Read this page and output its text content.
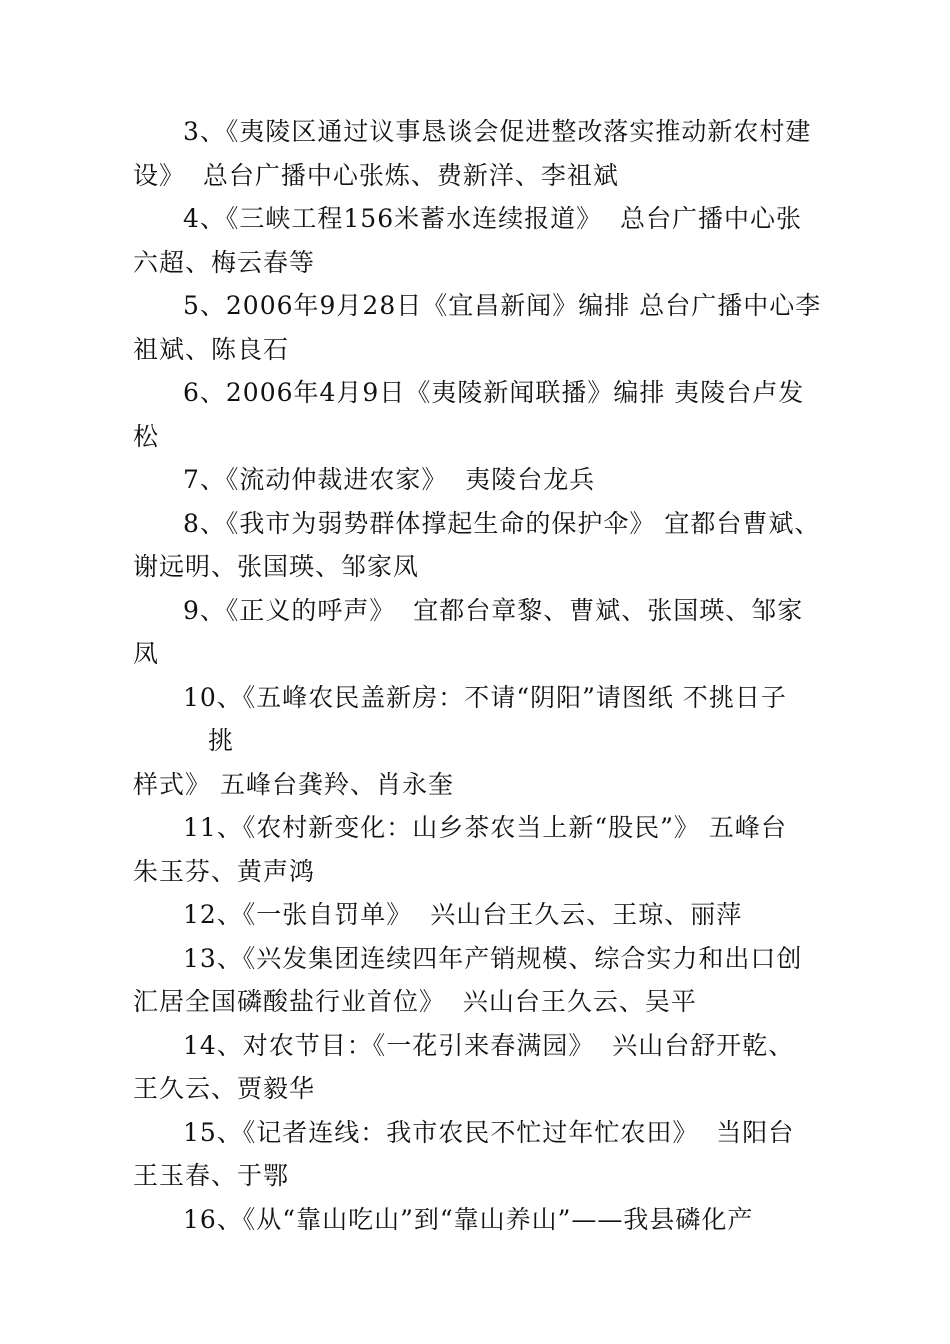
3、《夷陵区通过议事恳谈会促进整改落实推动新农村建
设》  总台广播中心张炼、费新洋、李祖斌
4、《三峡工程156米蓄水连续报道》  总台广播中心张
六超、梅云春等
5、2006年9月28日《宜昌新闻》编排 总台广播中心李
祖斌、陈良石
6、2006年4月9日《夷陵新闻联播》编排 夷陵台卢发
松
7、《流动仲裁进农家》  夷陵台龙兵
8、《我市为弱势群体撑起生命的保护伞》 宜都台曹斌、
谢远明、张国瑛、邹家凤
9、《正义的呼声》  宜都台章黎、曹斌、张国瑛、邹家
凤
10、《五峰农民盖新房：不请“阴阳”请图纸 不挑日子
挑
样式》 五峰台龚羚、肖永奎
11、《农村新变化：山乡茶农当上新“股民”》 五峰台
朱玉芬、黄声鸿
12、《一张自罚单》  兴山台王久云、王琼、丽萍
13、《兴发集团连续四年产销规模、综合实力和出口创
汇居全国磷酸盐行业首位》  兴山台王久云、吴平
14、对农节目：《一花引来春满园》  兴山台舒开乾、
王久云、贾毅华
15、《记者连线：我市农民不忙过年忙农田》  当阳台
王玉春、于鄂
16、《从“靠山吃山”到“靠山养山”——我县磷化产
